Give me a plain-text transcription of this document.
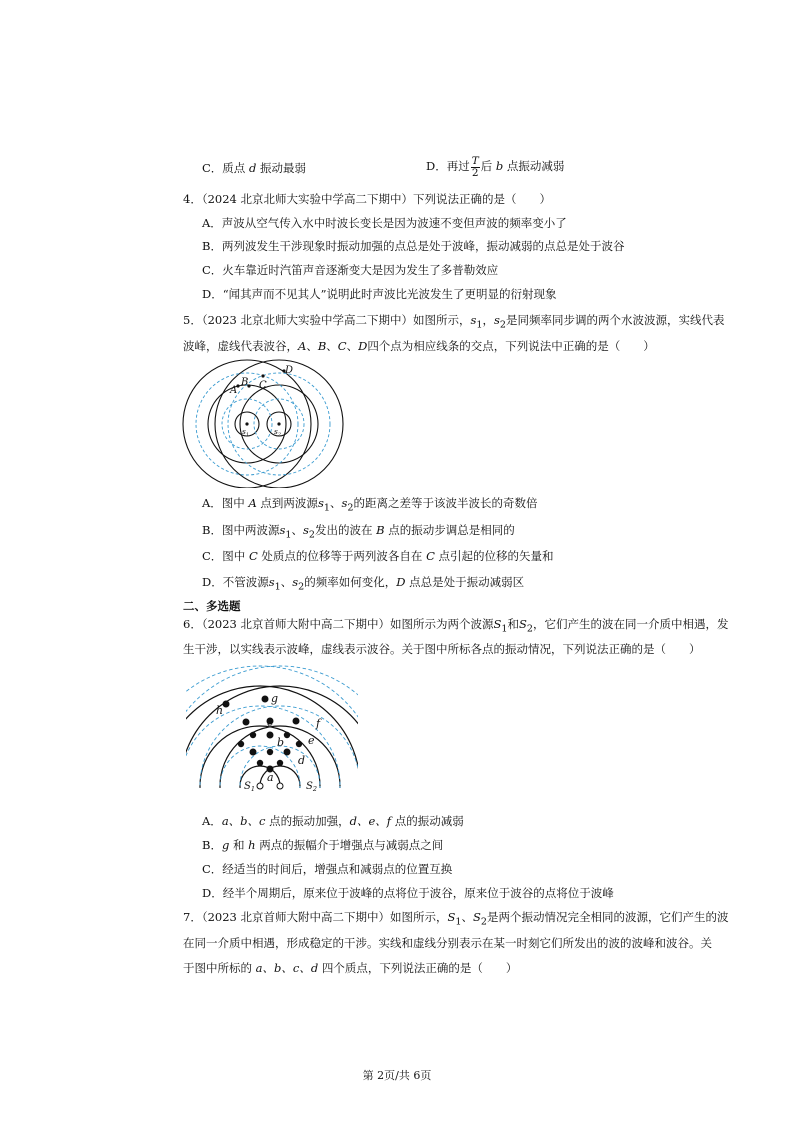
C．质点 d 振动最弱	D．再过 $\frac{T}{2}$ 后 b 点振动减弱
4．（2024 北京北师大实验中学高二下期中）下列说法正确的是（　　）
A．声波从空气传入水中时波长变长是因为波速不变但声波的频率变小了
B．两列波发生干涉现象时振动加强的点总是处于波峰，振动减弱的点总是处于波谷
C．火车靠近时汽笛声音逐渐变大是因为发生了多普勒效应
D．“闻其声而不见其人”说明此时声波比光波发生了更明显的衍射现象
5．（2023 北京北师大实验中学高二下期中）如图所示，$s_1$，$s_2$是同频率同步调的两个水波波源，实线代表
波峰，虚线代表波谷，A、B、C、D四个点为相应线条的交点，下列说法中正确的是（　　）
A
B C
D
$s_1$	$s_2$
A．图中 A 点到两波源$s_1$、$s_2$的距离之差等于该波半波长的奇数倍
B．图中两波源$s_1$、$s_2$发出的波在 B 点的振动步调总是相同的
C．图中 C 处质点的位移等于两列波各自在 C 点引起的位移的矢量和
D．不管波源$s_1$、$s_2$的频率如何变化，D 点总是处于振动减弱区
二、多选题
6．（2023 北京首师大附中高二下期中）如图所示为两个波源$S_1$和$S_2$，它们产生的波在同一介质中相遇，发
生干涉，以实线表示波峰，虚线表示波谷。关于图中所标各点的振动情况，下列说法正确的是（　　）
g
h
c	f
b e
d
a
$S_1$	$S_2$
A．a、b、c 点的振动加强，d、e、f 点的振动减弱
B．g 和 h 两点的振幅介于增强点与减弱点之间
C．经适当的时间后，增强点和减弱点的位置互换
D．经半个周期后，原来位于波峰的点将位于波谷，原来位于波谷的点将位于波峰
7．（2023 北京首师大附中高二下期中）如图所示，$S_1$、$S_2$是两个振动情况完全相同的波源，它们产生的波
在同一介质中相遇，形成稳定的干涉。实线和虚线分别表示在某一时刻它们所发出的波的波峰和波谷。关
于图中所标的 a、b、c、d 四个质点，下列说法正确的是（　　）
第 2页/共 6页
